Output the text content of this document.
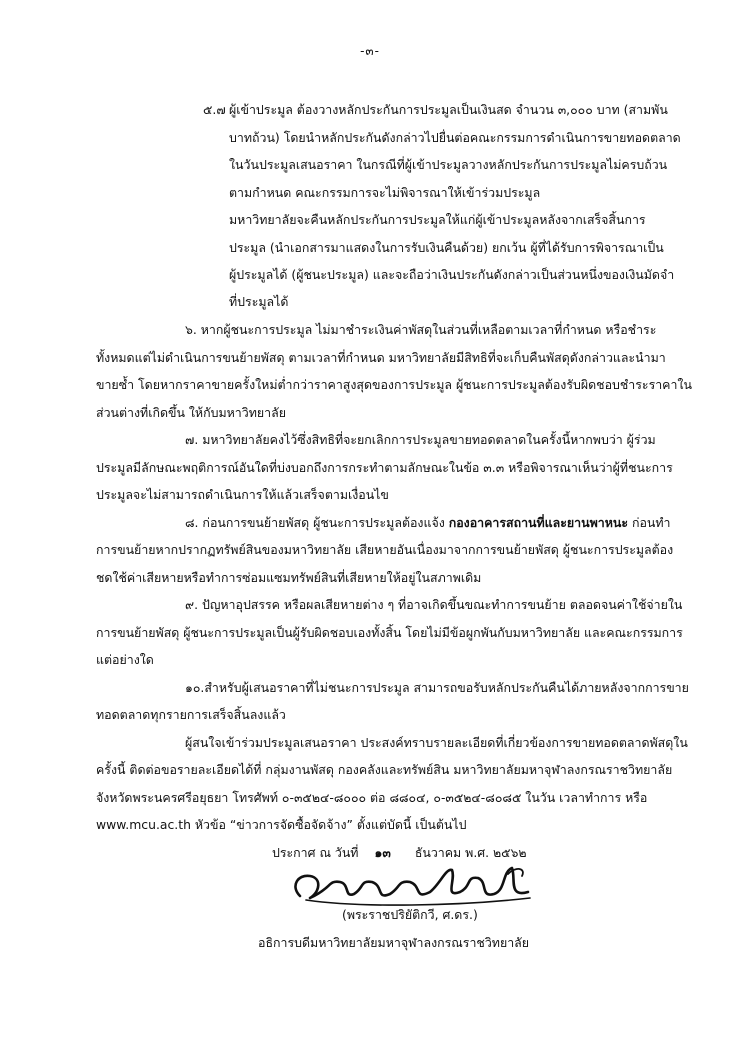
-๓-
๕.๗ ผู้เข้าประมูล ต้องวางหลักประกันการประมูลเป็นเงินสด จำนวน ๓,๐๐๐ บาท (สามพัน
บาทถ้วน) โดยนำหลักประกันดังกล่าวไปยื่นต่อคณะกรรมการดำเนินการขายทอดตลาด
ในวันประมูลเสนอราคา ในกรณีที่ผู้เข้าประมูลวางหลักประกันการประมูลไม่ครบถ้วน
ตามกำหนด คณะกรรมการจะไม่พิจารณาให้เข้าร่วมประมูล
มหาวิทยาลัยจะคืนหลักประกันการประมูลให้แก่ผู้เข้าประมูลหลังจากเสร็จสิ้นการ
ประมูล (นำเอกสารมาแสดงในการรับเงินคืนด้วย) ยกเว้น ผู้ที่ได้รับการพิจารณาเป็น
ผู้ประมูลได้ (ผู้ชนะประมูล) และจะถือว่าเงินประกันดังกล่าวเป็นส่วนหนึ่งของเงินมัดจำ
ที่ประมูลได้
๖. หากผู้ชนะการประมูล ไม่มาชำระเงินค่าพัสดุในส่วนที่เหลือตามเวลาที่กำหนด หรือชำระ
ทั้งหมดแต่ไม่ดำเนินการขนย้ายพัสดุ ตามเวลาที่กำหนด มหาวิทยาลัยมีสิทธิที่จะเก็บคืนพัสดุดังกล่าวและนำมา
ขายซ้ำ โดยหากราคาขายครั้งใหม่ต่ำกว่าราคาสูงสุดของการประมูล ผู้ชนะการประมูลต้องรับผิดชอบชำระราคาใน
ส่วนต่างที่เกิดขึ้น ให้กับมหาวิทยาลัย
๗. มหาวิทยาลัยคงไว้ซึ่งสิทธิที่จะยกเลิกการประมูลขายทอดตลาดในครั้งนี้หากพบว่า ผู้ร่วม
ประมูลมีลักษณะพฤติการณ์อันใดที่บ่งบอกถึงการกระทำตามลักษณะในข้อ ๓.๓ หรือพิจารณาเห็นว่าผู้ที่ชนะการ
ประมูลจะไม่สามารถดำเนินการให้แล้วเสร็จตามเงื่อนไข
๘. ก่อนการขนย้ายพัสดุ ผู้ชนะการประมูลต้องแจ้ง กองอาคารสถานที่และยานพาหนะ ก่อนทำ
การขนย้ายหากปรากฏทรัพย์สินของมหาวิทยาลัย เสียหายอันเนื่องมาจากการขนย้ายพัสดุ ผู้ชนะการประมูลต้อง
ชดใช้ค่าเสียหายหรือทำการซ่อมแซมทรัพย์สินที่เสียหายให้อยู่ในสภาพเดิม
๙. ปัญหาอุปสรรค หรือผลเสียหายต่าง ๆ ที่อาจเกิดขึ้นขณะทำการขนย้าย ตลอดจนค่าใช้จ่ายใน
การขนย้ายพัสดุ ผู้ชนะการประมูลเป็นผู้รับผิดชอบเองทั้งสิ้น โดยไม่มีข้อผูกพันกับมหาวิทยาลัย และคณะกรรมการ
แต่อย่างใด
๑๐.สำหรับผู้เสนอราคาที่ไม่ชนะการประมูล สามารถขอรับหลักประกันคืนได้ภายหลังจากการขาย
ทอดตลาดทุกรายการเสร็จสิ้นลงแล้ว
ผู้สนใจเข้าร่วมประมูลเสนอราคา ประสงค์ทราบรายละเอียดที่เกี่ยวข้องการขายทอดตลาดพัสดุใน
ครั้งนี้ ติดต่อขอรายละเอียดได้ที่ กลุ่มงานพัสดุ กองคลังและทรัพย์สิน มหาวิทยาลัยมหาจุฬาลงกรณราชวิทยาลัย
จังหวัดพระนครศรีอยุธยา โทรศัพท์ ๐-๓๕๒๔-๘๐๐๐ ต่อ ๘๘๐๔, ๐-๓๕๒๔-๘๐๘๕ ในวัน เวลาทำการ หรือ
www.mcu.ac.th หัวข้อ “ข่าวการจัดซื้อจัดจ้าง” ตั้งแต่บัดนี้ เป็นต้นไป
ประกาศ ณ วันที่ ๑๓ ธันวาคม พ.ศ. ๒๕๖๒
(พระราชปริยัติกวี, ศ.ดร.)
อธิการบดีมหาวิทยาลัยมหาจุฬาลงกรณราชวิทยาลัย
